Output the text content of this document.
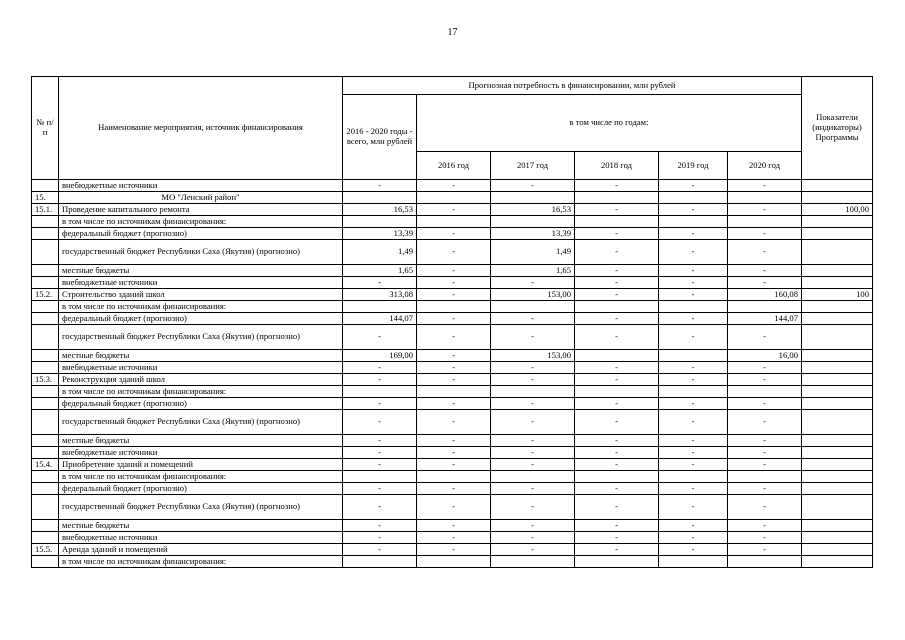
17
№ п/п	Наименование мероприятия, источник финансирования	Прогнозная потребность в финансировании, млн рублей						Показатели (индикаторы) Программы
		2016 - 2020 годы - всего, млн рублей	в том числе по годам:					
			2016 год	2017 год	2018 год	2019 год	2020 год	
	внебюджетные источники	-	-	-	-	-	-	
15.	МО "Ленский район"							
15.1.	Проведение капитального ремонта	16,53	-	16,53	-	-	-	100,00
	в том числе по источникам финансирования:							
	федеральный бюджет (прогнозно)	13,39	-	13,39	-	-	-	
	государственный бюджет Республики Саха (Якутия) (прогнозно)	1,49	-	1,49	-	-	-	
	местные бюджеты	1,65	-	1,65	-	-	-	
	внебюджетные источники	-	-	-	-	-	-	
15.2.	Строительство зданий школ	313,08	-	153,00	-	-	160,08	100
	в том числе по источникам финансирования:							
	федеральный бюджет (прогнозно)	144,07	-	-	-	-	144,07	
	государственный бюджет Республики Саха (Якутия) (прогнозно)	-	-	-	-	-	-	
	местные бюджеты	169,00	-	153,00			16,00	
	внебюджетные источники	-	-	-	-	-	-	
15.3.	Реконструкция зданий школ	-	-	-	-	-	-	
	в том числе по источникам финансирования:							
	федеральный бюджет (прогнозно)	-	-	-	-	-	-	
	государственный бюджет Республики Саха (Якутия) (прогнозно)	-	-	-	-	-	-	
	местные бюджеты	-	-	-	-	-	-	
	внебюджетные источники	-	-	-	-	-	-	
15.4.	Приобретение зданий и помещений	-	-	-	-	-	-	
	в том числе по источникам финансирования:							
	федеральный бюджет (прогнозно)	-	-	-	-	-	-	
	государственный бюджет Республики Саха (Якутия) (прогнозно)	-	-	-	-	-	-	
	местные бюджеты	-	-	-	-	-	-	
	внебюджетные источники	-	-	-	-	-	-	
15.5.	Аренда зданий и помещений	-	-	-	-	-	-	
	в том числе по источникам финансирования:							
